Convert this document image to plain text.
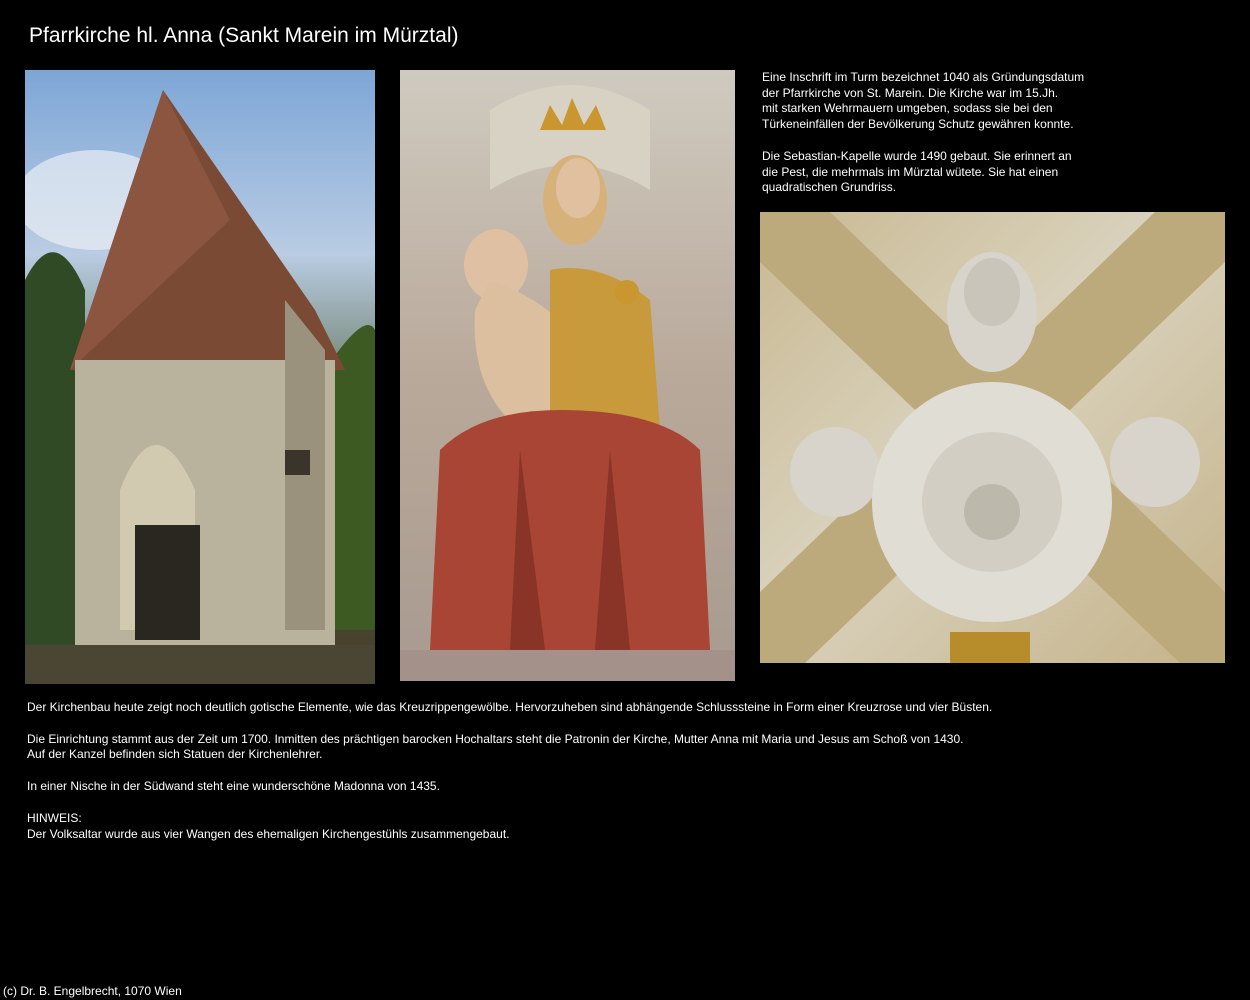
Pfarrkirche hl. Anna (Sankt Marein im Mürztal)

Eine Inschrift im Turm bezeichnet 1040 als Gründungsdatum

der Pfarrkirche von St. Marein. Die Kirche war im 15.Jh.

mit starken Wehrmauern umgeben, sodass sie bei den

Türkeneinfällen der Bevölkerung Schutz gewähren konnte.

Die Sebastian-Kapelle wurde 1490 gebaut. Sie erinnert an

die Pest, die mehrmals im Mürztal wütete. Sie hat einen

quadratischen Grundriss.

Der Kirchenbau heute zeigt noch deutlich gotische Elemente, wie das Kreuzrippengewölbe. Hervorzuheben sind abhängende Schlusssteine in Form einer Kreuzrose und vier Büsten.

Die Einrichtung stammt aus der Zeit um 1700. Inmitten des prächtigen barocken Hochaltars steht die Patronin der Kirche, Mutter Anna mit Maria und Jesus am Schoß von 1430.

Auf der Kanzel befinden sich Statuen der Kirchenlehrer.

In einer Nische in der Südwand steht eine wunderschöne Madonna von 1435.

HINWEIS:

Der Volksaltar wurde aus vier Wangen des ehemaligen Kirchengestühls zusammengebaut.

(c) Dr. B. Engelbrecht, 1070 Wien
